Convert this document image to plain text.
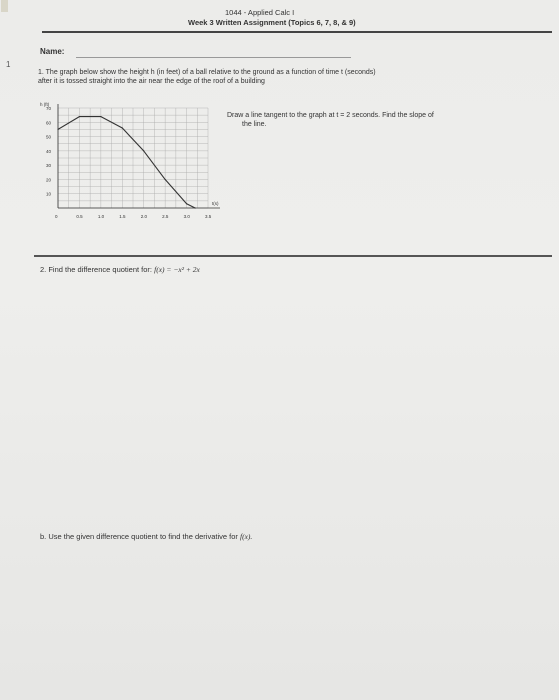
1
1044 - Applied Calc I
Week 3 Written Assignment (Topics 6, 7, 8, & 9)
Name:
1. The graph below show the height h (in feet) of a ball relative to the ground as a function of time t (seconds)
after it is tossed straight into the air near the edge of the roof of a building
Draw a line tangent to the graph at t = 2 seconds. Find the slope of
the line.
h (ft)
10
20
30
40
50
60
70
0	0.5	1.0	1.5	2.0	2.5	3.0	3.5
t(s)
2. Find the difference quotient for: f(x) = −x² + 2x
b. Use the given difference quotient to find the derivative for f(x).
